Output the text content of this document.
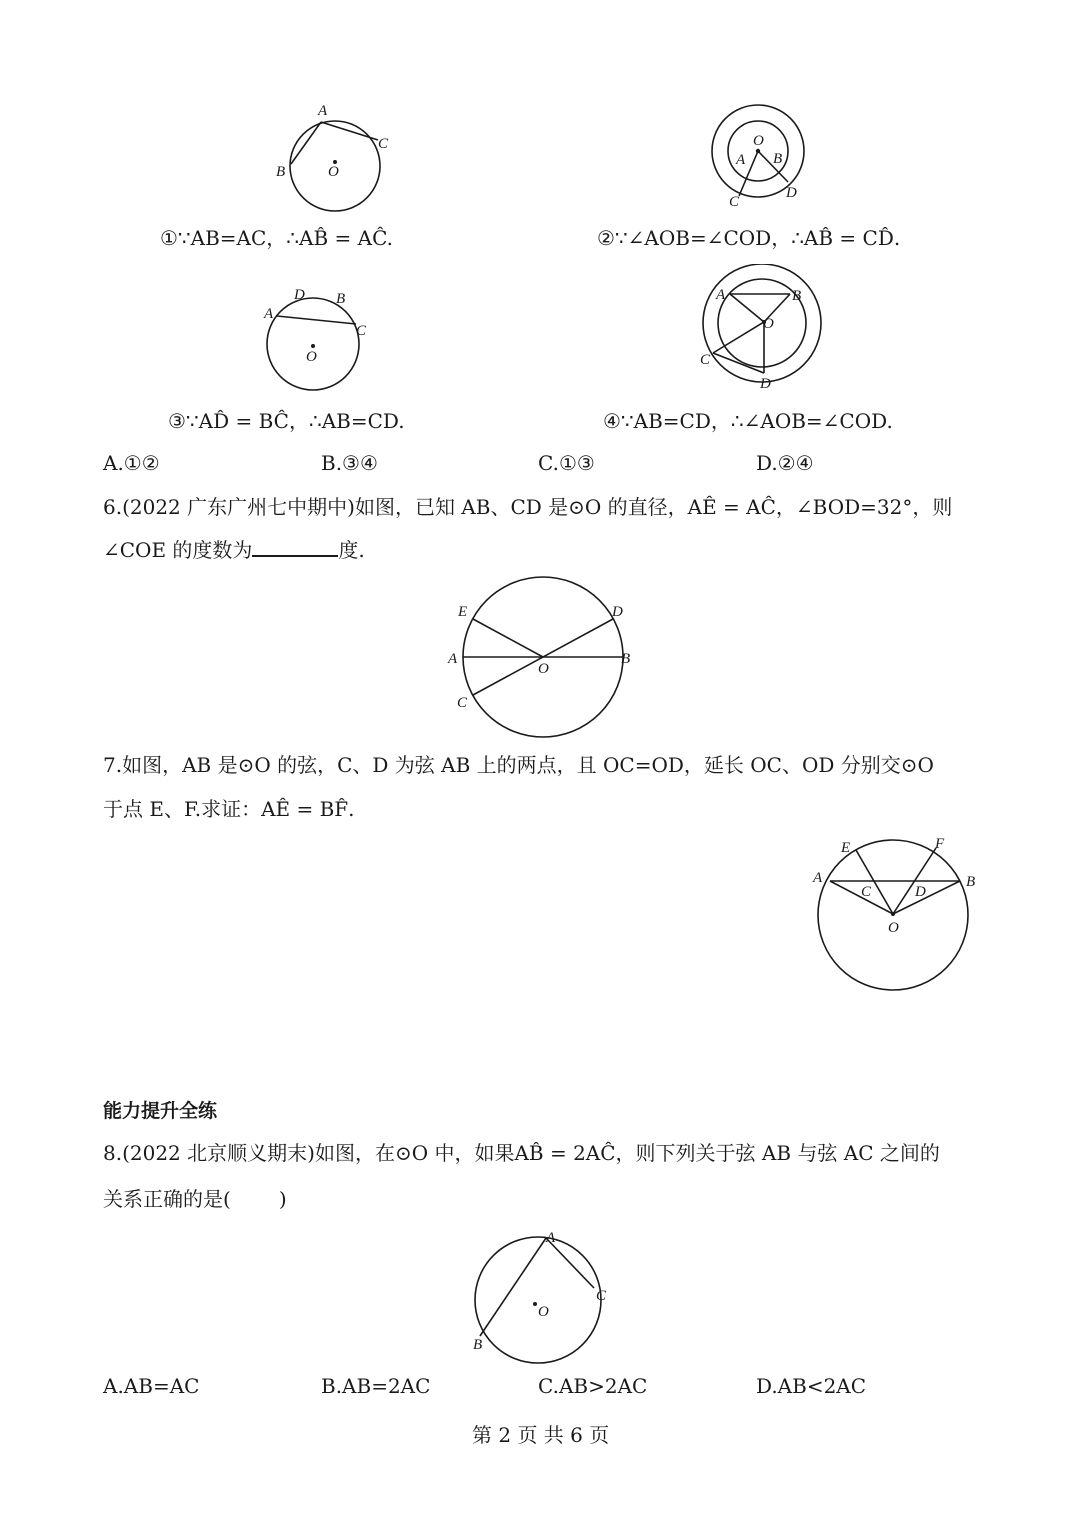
A
C
B	O
O
A B
C
D
①∵AB=AC，∴AB̂ = AĈ.	②∵∠AOB=∠COD，∴AB̂ = CD̂.
D B
A
C
O
A	B
O
C
D
③∵AD̂ = BĈ，∴AB=CD.	④∵AB=CD，∴∠AOB=∠COD.
A.①②	B.③④	C.①③	D.②④
6.(2022 广东广州七中期中)如图，已知 AB、CD 是⊙O 的直径，AÊ = AĈ，∠BOD=32°，则
∠COE 的度数为	度.
E	D
A
O
B
C
7.如图，AB 是⊙O 的弦，C、D 为弦 AB 上的两点，且 OC=OD，延长 OC、OD 分别交⊙O
于点 E、F.求证：AÊ = BF̂.
E	F
A
C	D
B
O
能力提升全练
8.(2022 北京顺义期末)如图，在⊙O 中，如果AB̂ = 2AĈ，则下列关于弦 AB 与弦 AC 之间的
关系正确的是( )
A
C
O
B
A.AB=AC	B.AB=2AC	C.AB>2AC	D.AB<2AC
第 2 页 共 6 页
